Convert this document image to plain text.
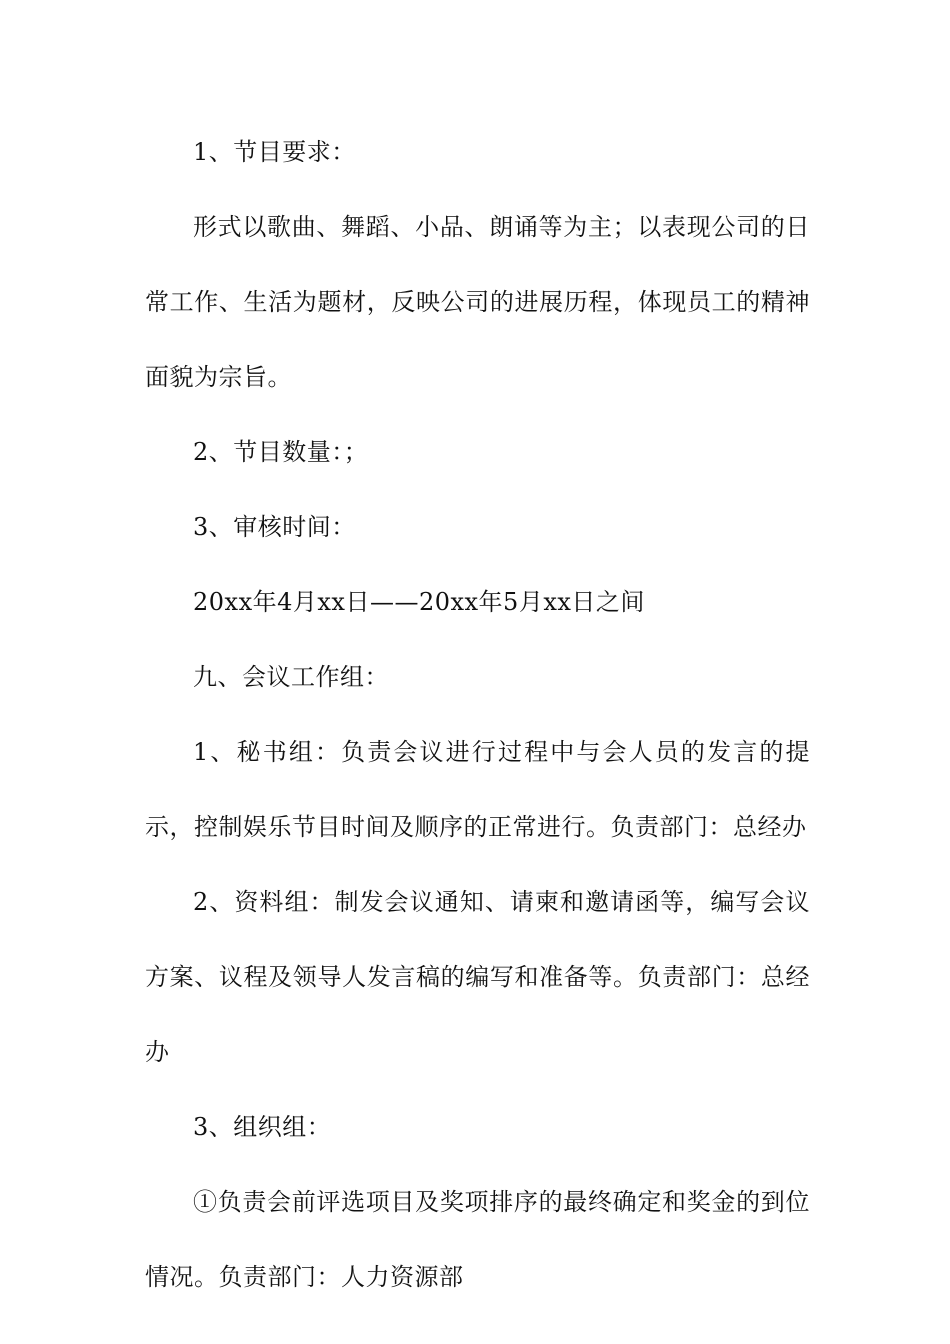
1、节目要求：

形式以歌曲、舞蹈、小品、朗诵等为主；以表现公司的日常工作、生活为题材，反映公司的进展历程，体现员工的精神面貌为宗旨。

2、节目数量：；

3、审核时间：

20xx年4月xx日——20xx年5月xx日之间

九、会议工作组：

1、秘书组：负责会议进行过程中与会人员的发言的提示，控制娱乐节目时间及顺序的正常进行。负责部门：总经办

2、资料组：制发会议通知、请柬和邀请函等，编写会议方案、议程及领导人发言稿的编写和准备等。负责部门：总经办

3、组织组：

①负责会前评选项目及奖项排序的最终确定和奖金的到位情况。负责部门：人力资源部
